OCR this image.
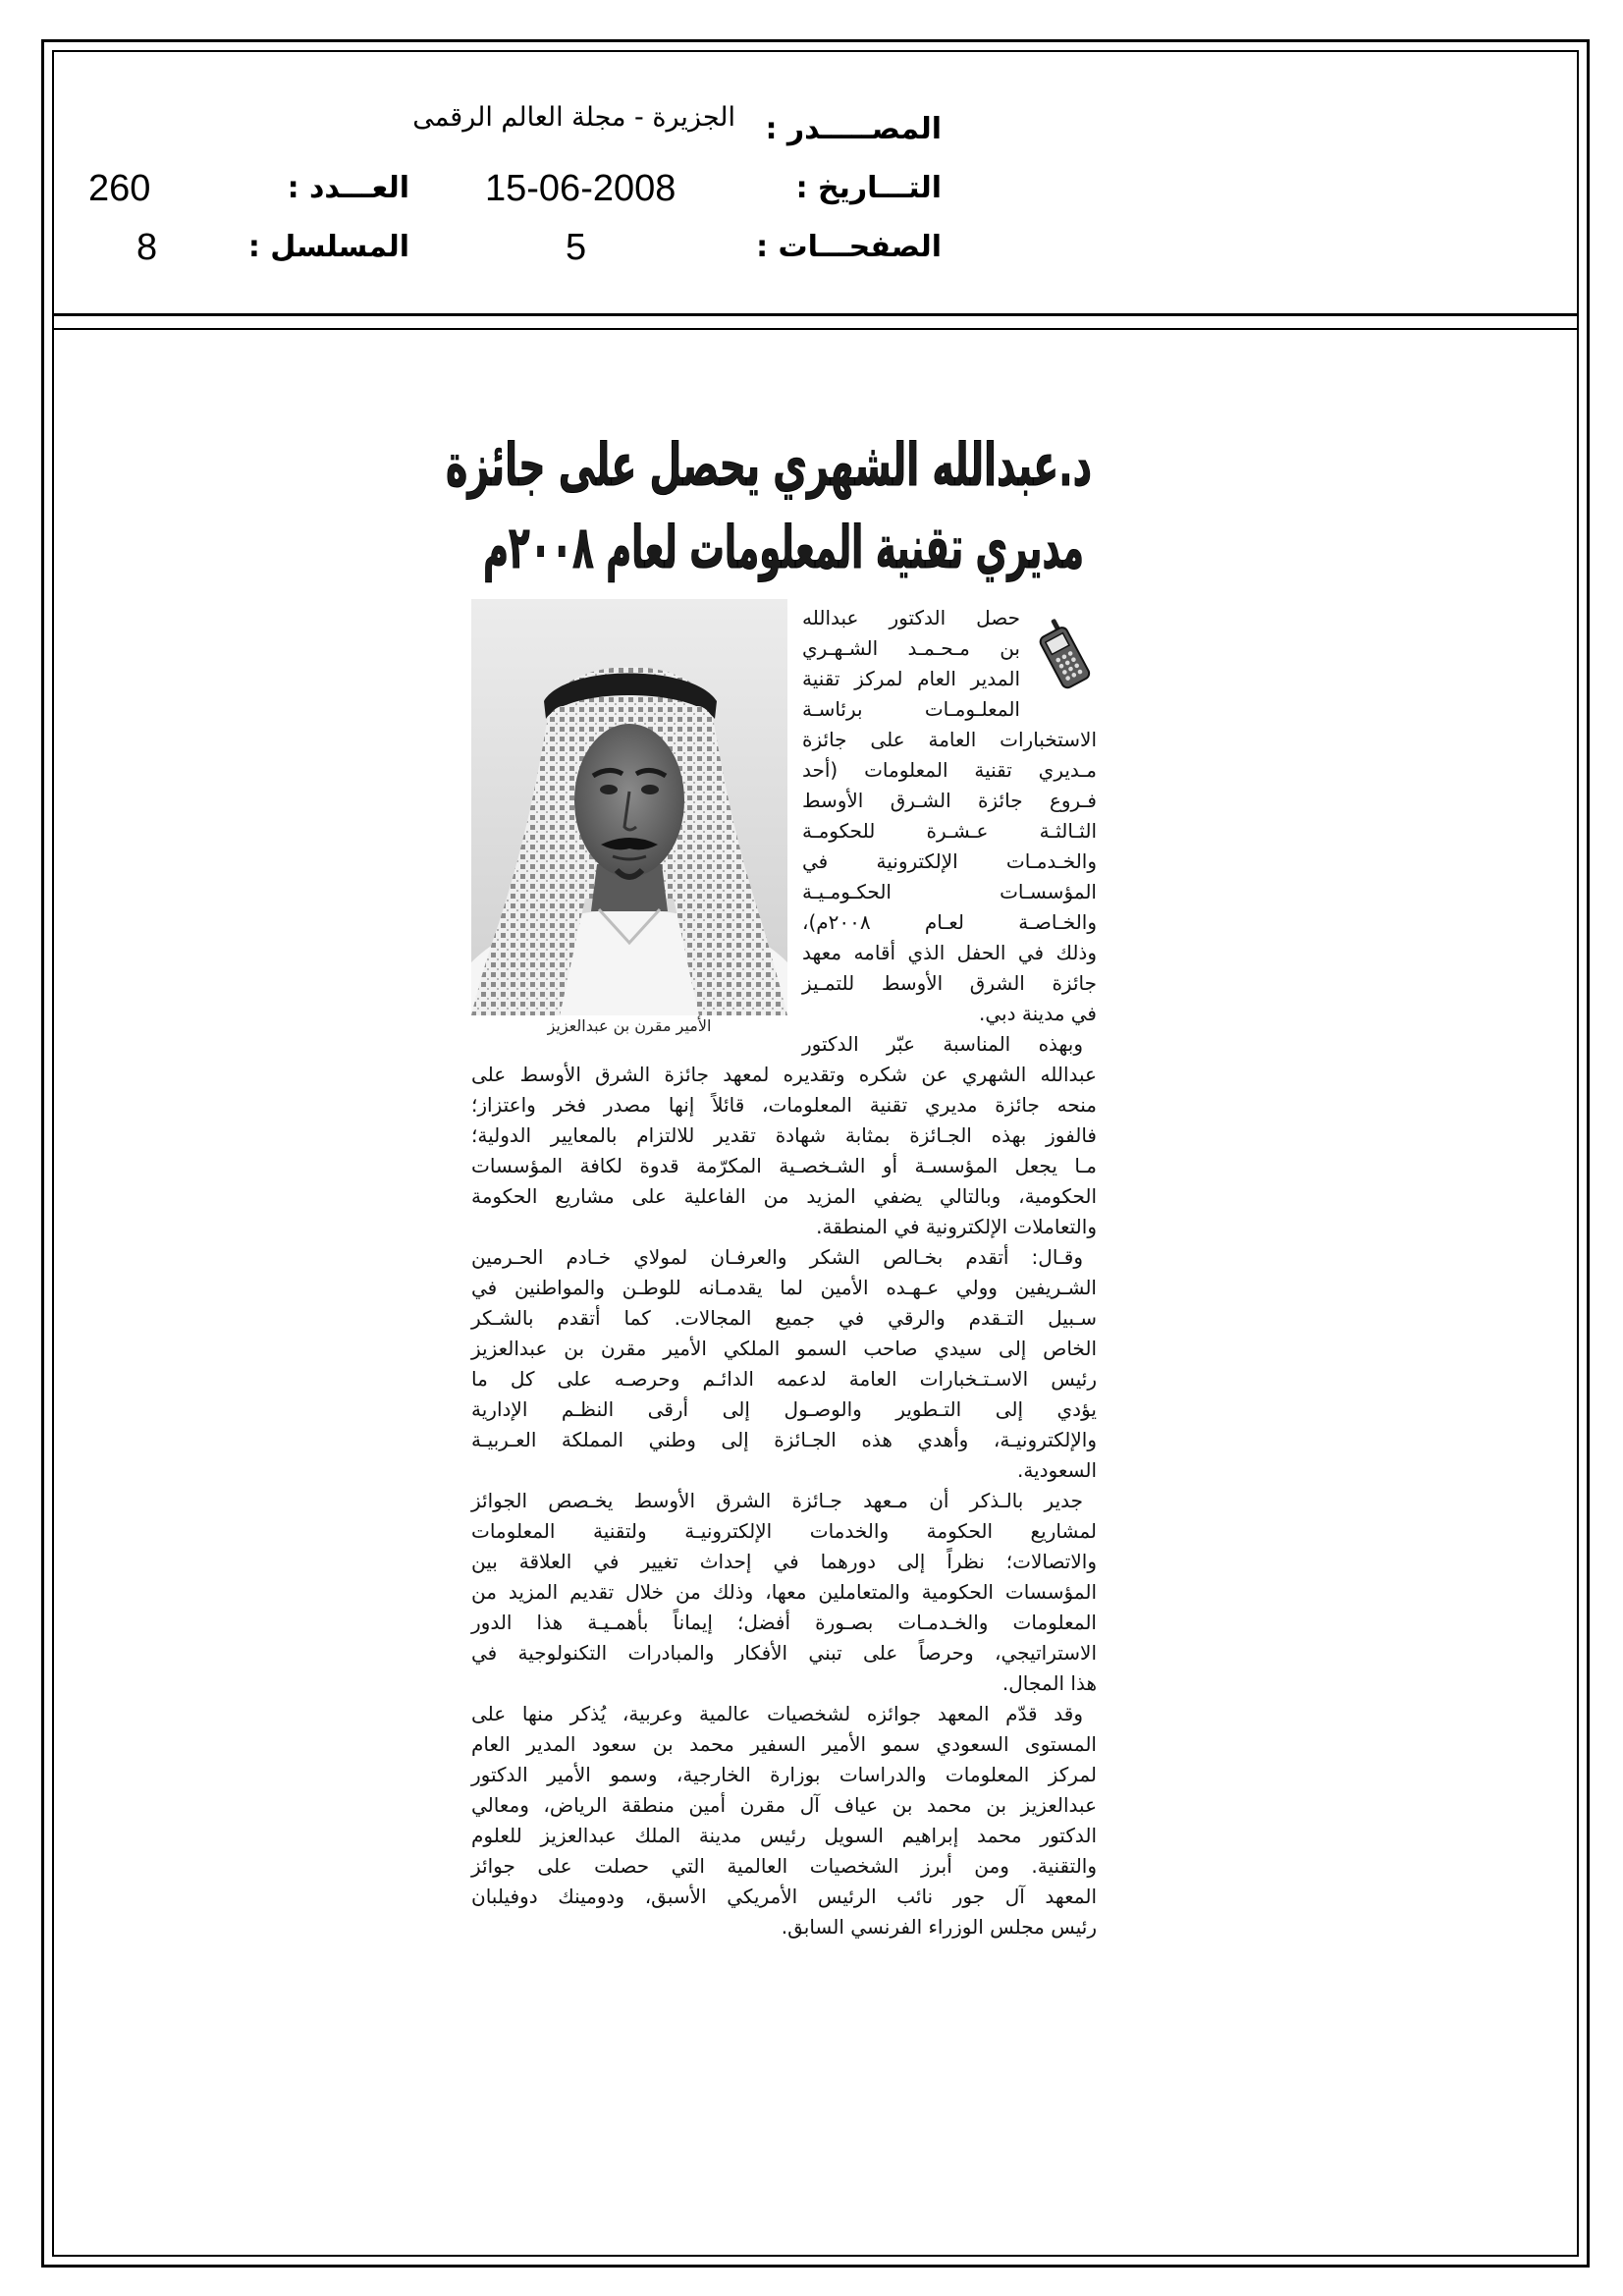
المصـــــدر :
الجزيرة - مجلة العالم الرقمى
التـــاريخ :
15-06-2008
العـــدد :
260
الصفحـــات :
5
المسلسل :
8
د.عبدالله الشهري يحصل على جائزة
مديري تقنية المعلومات لعام ٢٠٠٨م
الأمير مقرن بن عبدالعزيز
حصل الدكتور عبدالله
بن مـحـمـد الشـهـري
المدير العام لمركز تقنية
المعلـومـات برئاسـة
الاستخبارات العامة على جائزة
مـديري تقنية المعلومات (أحد
فـروع جائزة الشـرق الأوسط
الثـالثـة عـشـرة للحكومـة
والخـدمـات الإلكترونية في
المؤسسـات الحكـومـيـة
والخـاصـة لعـام ٢٠٠٨م)،
وذلك في الحفل الذي أقامه معهد
جائزة الشرق الأوسط للتمـيز
في مدينة دبي.
وبهذه المناسبة عبّر الدكتور
عبدالله الشهري عن شكره وتقديره لمعهد جائزة الشرق الأوسط على
منحه جائزة مديري تقنية المعلومات، قائلاً إنها مصدر فخر واعتزاز؛
فالفوز بهذه الجـائزة بمثابة شهادة تقدير للالتزام بالمعايير الدولية؛
مـا يجعل المؤسسـة أو الشـخصـية المكرّمة قدوة لكافة المؤسسات
الحكومية، وبالتالي يضفي المزيد من الفاعلية على مشاريع الحكومة
والتعاملات الإلكترونية في المنطقة.
وقـال: أتقدم بخـالص الشكر والعرفـان لمولاي خـادم الحـرمين
الشـريفين وولي عـهـده الأمين لما يقدمـانه للوطـن والمواطنين في
سـبيل التـقدم والرقي في جميع المجالات. كما أتقدم بالشـكر
الخاص إلى سيدي صاحب السمو الملكي الأمير مقرن بن عبدالعزيز
رئيس الاسـتـخبارات العامة لدعمه الدائـم وحرصـه على كل ما
يؤدي إلى التـطوير والوصـول إلى أرقى النظـم الإدارية
والإلكترونيـة، وأهدي هذه الجـائزة إلى وطني المملكة العـربيـة
السعودية.
جدير بالـذكر أن مـعهد جـائزة الشرق الأوسط يخـصص الجوائز
لمشاريع الحكومة والخدمات الإلكترونيـة ولتقنية المعلومات
والاتصالات؛ نظراً إلى دورهما في إحداث تغيير في العلاقة بين
المؤسسات الحكومية والمتعاملين معها، وذلك من خلال تقديم المزيد من
المعلومات والخـدمـات بصـورة أفضل؛ إيماناً بأهمـيـة هذا الدور
الاستراتيجي، وحرصاً على تبني الأفكار والمبادرات التكنولوجية في
هذا المجال.
وقد قدّم المعهد جوائزه لشخصيات عالمية وعربية، يُذكر منها على
المستوى السعودي سمو الأمير السفير محمد بن سعود المدير العام
لمركز المعلومات والدراسات بوزارة الخارجية، وسمو الأمير الدكتور
عبدالعزيز بن محمد بن عياف آل مقرن أمين منطقة الرياض، ومعالي
الدكتور محمد إبراهيم السويل رئيس مدينة الملك عبدالعزيز للعلوم
والتقنية. ومن أبرز الشخصيات العالمية التي حصلت على جوائز
المعهد آل جور نائب الرئيس الأمريكي الأسبق، ودومينك دوفيلبان
رئيس مجلس الوزراء الفرنسي السابق.
